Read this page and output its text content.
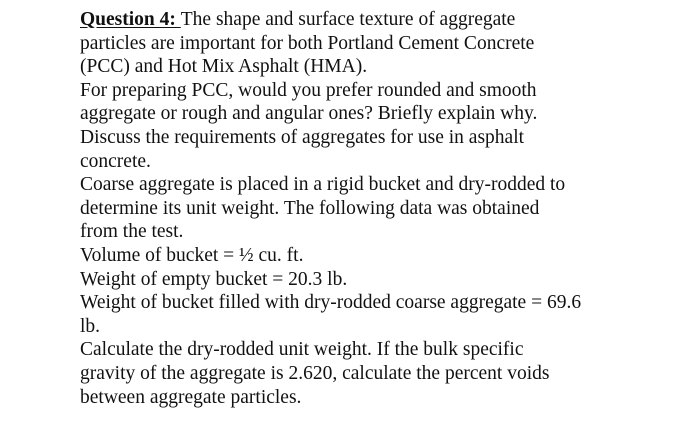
Question 4: The shape and surface texture of aggregate
particles are important for both Portland Cement Concrete
(PCC) and Hot Mix Asphalt (HMA).
For preparing PCC, would you prefer rounded and smooth
aggregate or rough and angular ones? Briefly explain why.
Discuss the requirements of aggregates for use in asphalt
concrete.
Coarse aggregate is placed in a rigid bucket and dry-rodded to
determine its unit weight. The following data was obtained
from the test.
Volume of bucket = ½ cu. ft.
Weight of empty bucket = 20.3 lb.
Weight of bucket filled with dry-rodded coarse aggregate = 69.6
lb.
Calculate the dry-rodded unit weight. If the bulk specific
gravity of the aggregate is 2.620, calculate the percent voids
between aggregate particles.
